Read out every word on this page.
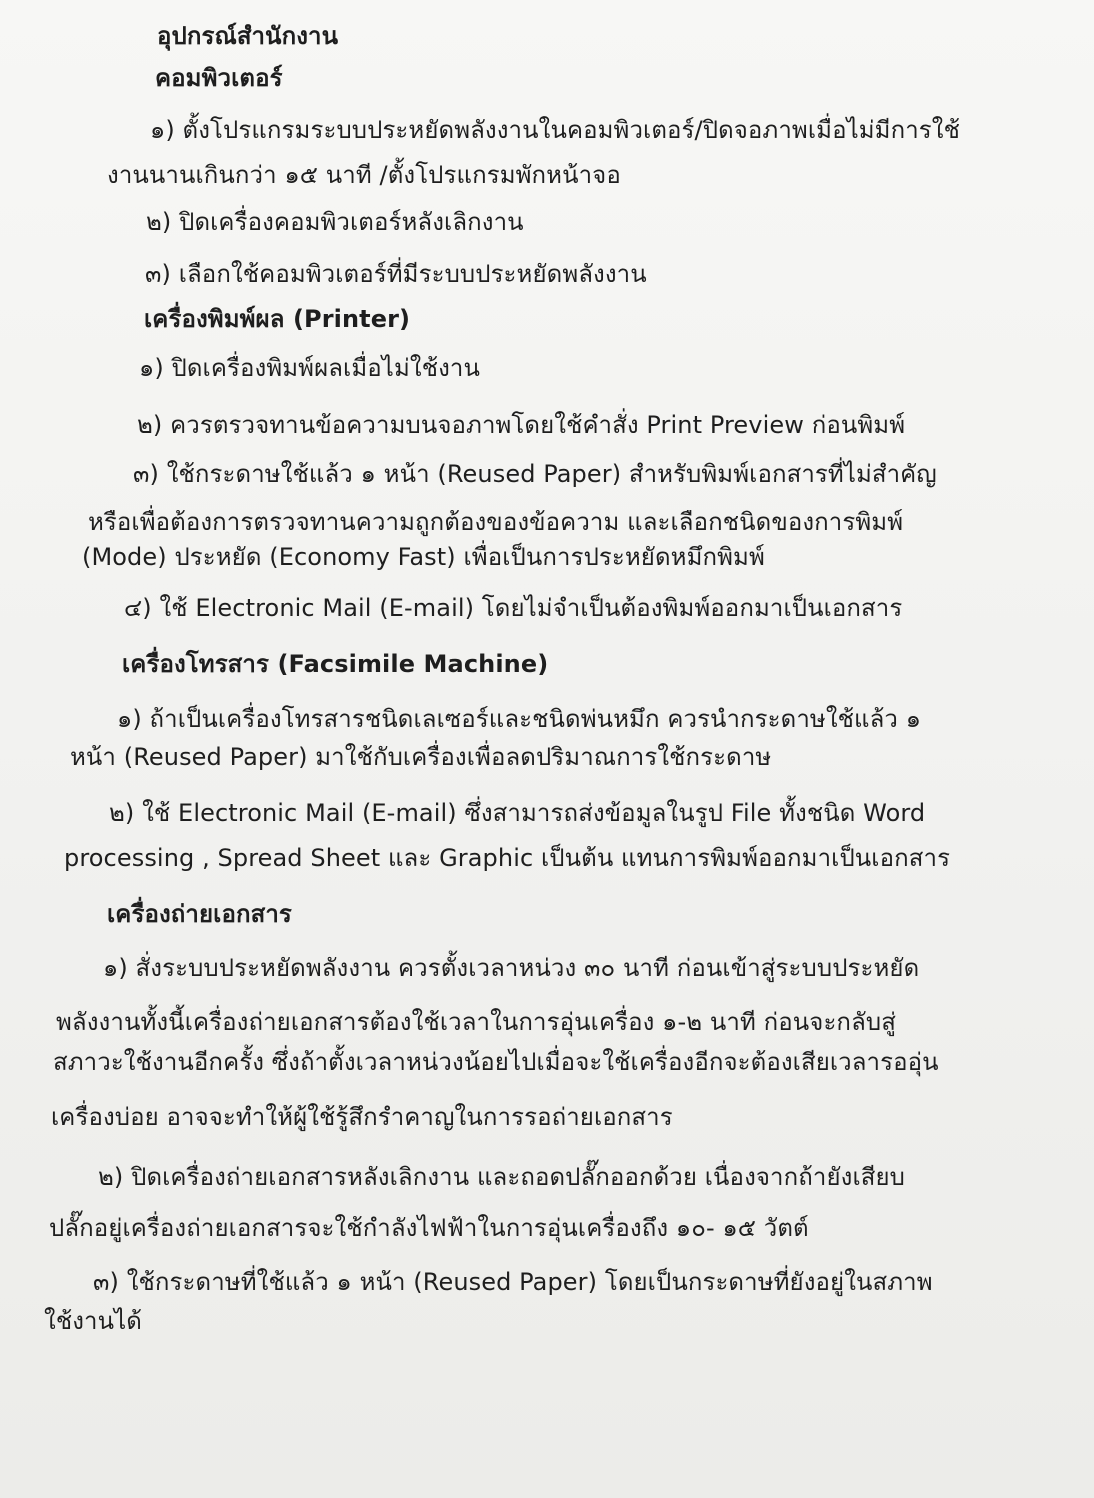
อุปกรณ์สำนักงาน
คอมพิวเตอร์
๑) ตั้งโปรแกรมระบบประหยัดพลังงานในคอมพิวเตอร์/ปิดจอภาพเมื่อไม่มีการใช้
งานนานเกินกว่า ๑๕ นาที /ตั้งโปรแกรมพักหน้าจอ
๒) ปิดเครื่องคอมพิวเตอร์หลังเลิกงาน
๓) เลือกใช้คอมพิวเตอร์ที่มีระบบประหยัดพลังงาน
เครื่องพิมพ์ผล (Printer)
๑) ปิดเครื่องพิมพ์ผลเมื่อไม่ใช้งาน
๒) ควรตรวจทานข้อความบนจอภาพโดยใช้คำสั่ง Print Preview ก่อนพิมพ์
๓) ใช้กระดาษใช้แล้ว ๑ หน้า (Reused Paper) สำหรับพิมพ์เอกสารที่ไม่สำคัญ
หรือเพื่อต้องการตรวจทานความถูกต้องของข้อความ และเลือกชนิดของการพิมพ์
(Mode) ประหยัด (Economy Fast) เพื่อเป็นการประหยัดหมึกพิมพ์
๔) ใช้ Electronic Mail (E-mail) โดยไม่จำเป็นต้องพิมพ์ออกมาเป็นเอกสาร
เครื่องโทรสาร (Facsimile Machine)
๑) ถ้าเป็นเครื่องโทรสารชนิดเลเซอร์และชนิดพ่นหมึก ควรนำกระดาษใช้แล้ว ๑
หน้า (Reused Paper) มาใช้กับเครื่องเพื่อลดปริมาณการใช้กระดาษ
๒) ใช้ Electronic Mail (E-mail) ซึ่งสามารถส่งข้อมูลในรูป File ทั้งชนิด Word
processing , Spread Sheet และ Graphic เป็นต้น แทนการพิมพ์ออกมาเป็นเอกสาร
เครื่องถ่ายเอกสาร
๑) สั่งระบบประหยัดพลังงาน ควรตั้งเวลาหน่วง ๓๐ นาที ก่อนเข้าสู่ระบบประหยัด
พลังงานทั้งนี้เครื่องถ่ายเอกสารต้องใช้เวลาในการอุ่นเครื่อง ๑-๒ นาที ก่อนจะกลับสู่
สภาวะใช้งานอีกครั้ง ซึ่งถ้าตั้งเวลาหน่วงน้อยไปเมื่อจะใช้เครื่องอีกจะต้องเสียเวลารออุ่น
เครื่องบ่อย อาจจะทำให้ผู้ใช้รู้สึกรำคาญในการรอถ่ายเอกสาร
๒) ปิดเครื่องถ่ายเอกสารหลังเลิกงาน และถอดปลั๊กออกด้วย เนื่องจากถ้ายังเสียบ
ปลั๊กอยู่เครื่องถ่ายเอกสารจะใช้กำลังไฟฟ้าในการอุ่นเครื่องถึง ๑๐- ๑๕ วัตต์
๓) ใช้กระดาษที่ใช้แล้ว ๑ หน้า (Reused Paper) โดยเป็นกระดาษที่ยังอยู่ในสภาพ
ใช้งานได้
